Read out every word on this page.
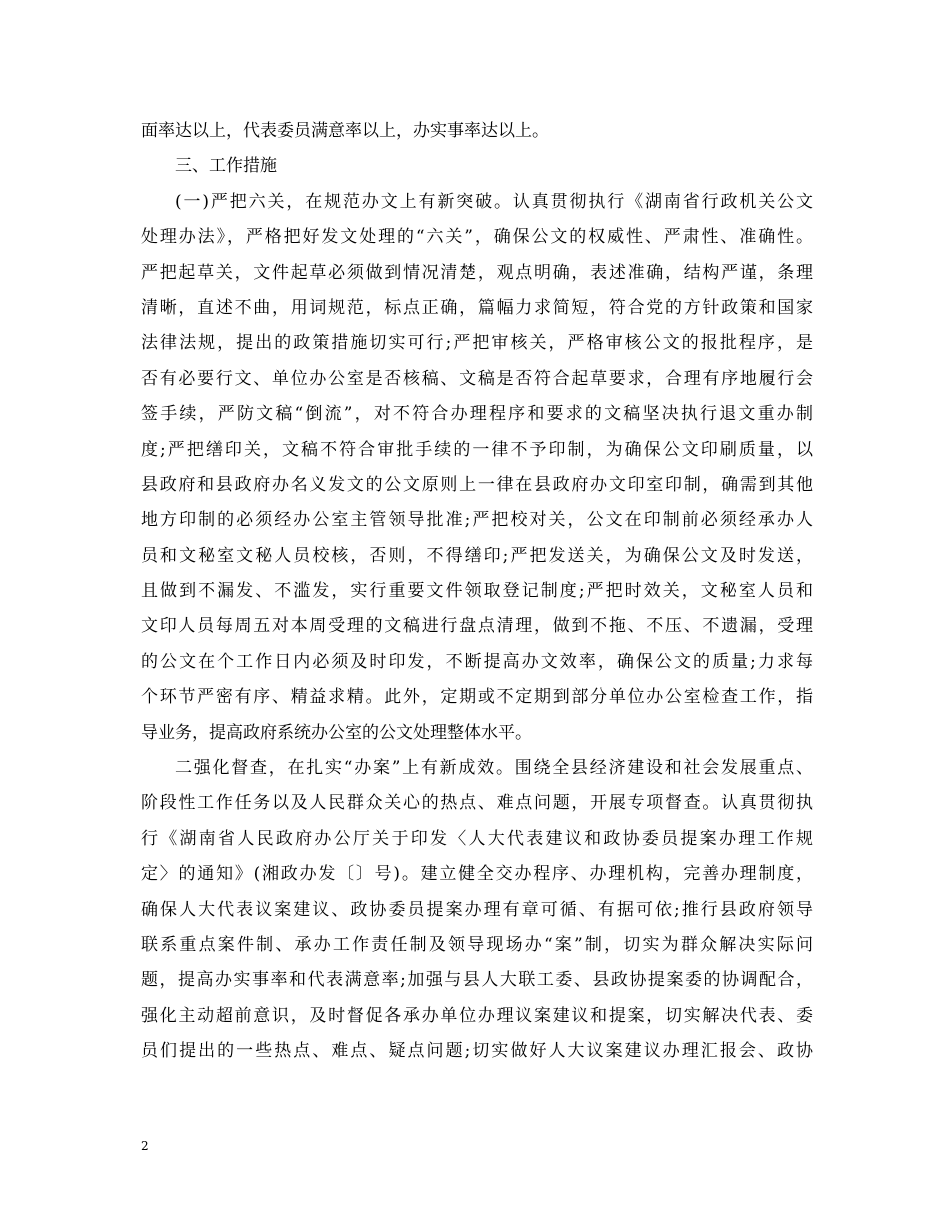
面率达以上，代表委员满意率以上，办实事率达以上。
三、工作措施
(一)严把六关，在规范办文上有新突破。认真贯彻执行《湖南省行政机关公文
处理办法》，严格把好发文处理的“六关”，确保公文的权威性、严肃性、准确性。
严把起草关，文件起草必须做到情况清楚，观点明确，表述准确，结构严谨，条理
清晰，直述不曲，用词规范，标点正确，篇幅力求简短，符合党的方针政策和国家
法律法规，提出的政策措施切实可行;严把审核关，严格审核公文的报批程序，是
否有必要行文、单位办公室是否核稿、文稿是否符合起草要求，合理有序地履行会
签手续，严防文稿“倒流”，对不符合办理程序和要求的文稿坚决执行退文重办制
度;严把缮印关，文稿不符合审批手续的一律不予印制，为确保公文印刷质量，以
县政府和县政府办名义发文的公文原则上一律在县政府办文印室印制，确需到其他
地方印制的必须经办公室主管领导批准;严把校对关，公文在印制前必须经承办人
员和文秘室文秘人员校核，否则，不得缮印;严把发送关，为确保公文及时发送，
且做到不漏发、不滥发，实行重要文件领取登记制度;严把时效关，文秘室人员和
文印人员每周五对本周受理的文稿进行盘点清理，做到不拖、不压、不遗漏，受理
的公文在个工作日内必须及时印发，不断提高办文效率，确保公文的质量;力求每
个环节严密有序、精益求精。此外，定期或不定期到部分单位办公室检查工作，指
导业务，提高政府系统办公室的公文处理整体水平。
二强化督查，在扎实“办案”上有新成效。围绕全县经济建设和社会发展重点、
阶段性工作任务以及人民群众关心的热点、难点问题，开展专项督查。认真贯彻执
行《湖南省人民政府办公厅关于印发〈人大代表建议和政协委员提案办理工作规
定〉的通知》(湘政办发〔〕号)。建立健全交办程序、办理机构，完善办理制度，
确保人大代表议案建议、政协委员提案办理有章可循、有据可依;推行县政府领导
联系重点案件制、承办工作责任制及领导现场办“案”制，切实为群众解决实际问
题，提高办实事率和代表满意率;加强与县人大联工委、县政协提案委的协调配合，
强化主动超前意识，及时督促各承办单位办理议案建议和提案，切实解决代表、委
员们提出的一些热点、难点、疑点问题;切实做好人大议案建议办理汇报会、政协
2
